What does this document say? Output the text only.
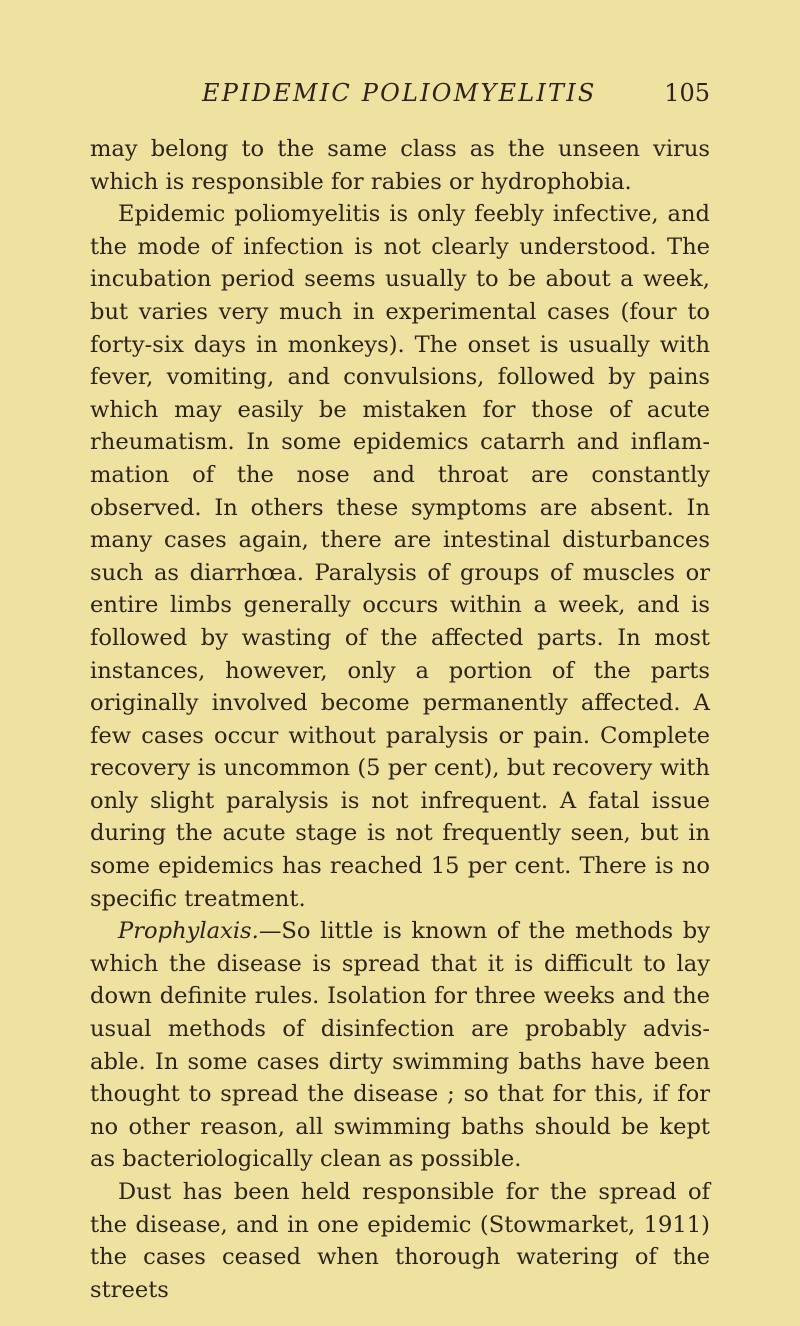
EPIDEMIC POLIOMYELITIS	105

may belong to the same class as the unseen virus which is responsible for rabies or hydrophobia.

Epidemic poliomyelitis is only feebly infective, and the mode of infection is not clearly understood. The incubation period seems usually to be about a week, but varies very much in experimental cases (four to forty-six days in monkeys). The onset is usually with fever, vomiting, and convulsions, followed by pains which may easily be mistaken for those of acute rheumatism. In some epidemics catarrh and inflam-mation of the nose and throat are constantly observed. In others these symptoms are absent. In many cases again, there are intestinal disturbances such as diarrhœa. Paralysis of groups of muscles or entire limbs generally occurs within a week, and is followed by wasting of the affected parts. In most instances, however, only a portion of the parts originally involved become permanently affected. A few cases occur without paralysis or pain. Complete recovery is uncommon (5 per cent), but recovery with only slight paralysis is not infrequent. A fatal issue during the acute stage is not frequently seen, but in some epidemics has reached 15 per cent. There is no specific treatment.

Prophylaxis.—So little is known of the methods by which the disease is spread that it is difficult to lay down definite rules. Isolation for three weeks and the usual methods of disinfection are probably advis-able. In some cases dirty swimming baths have been thought to spread the disease ; so that for this, if for no other reason, all swimming baths should be kept as bacteriologically clean as possible.

Dust has been held responsible for the spread of the disease, and in one epidemic (Stowmarket, 1911) the cases ceased when thorough watering of the streets
